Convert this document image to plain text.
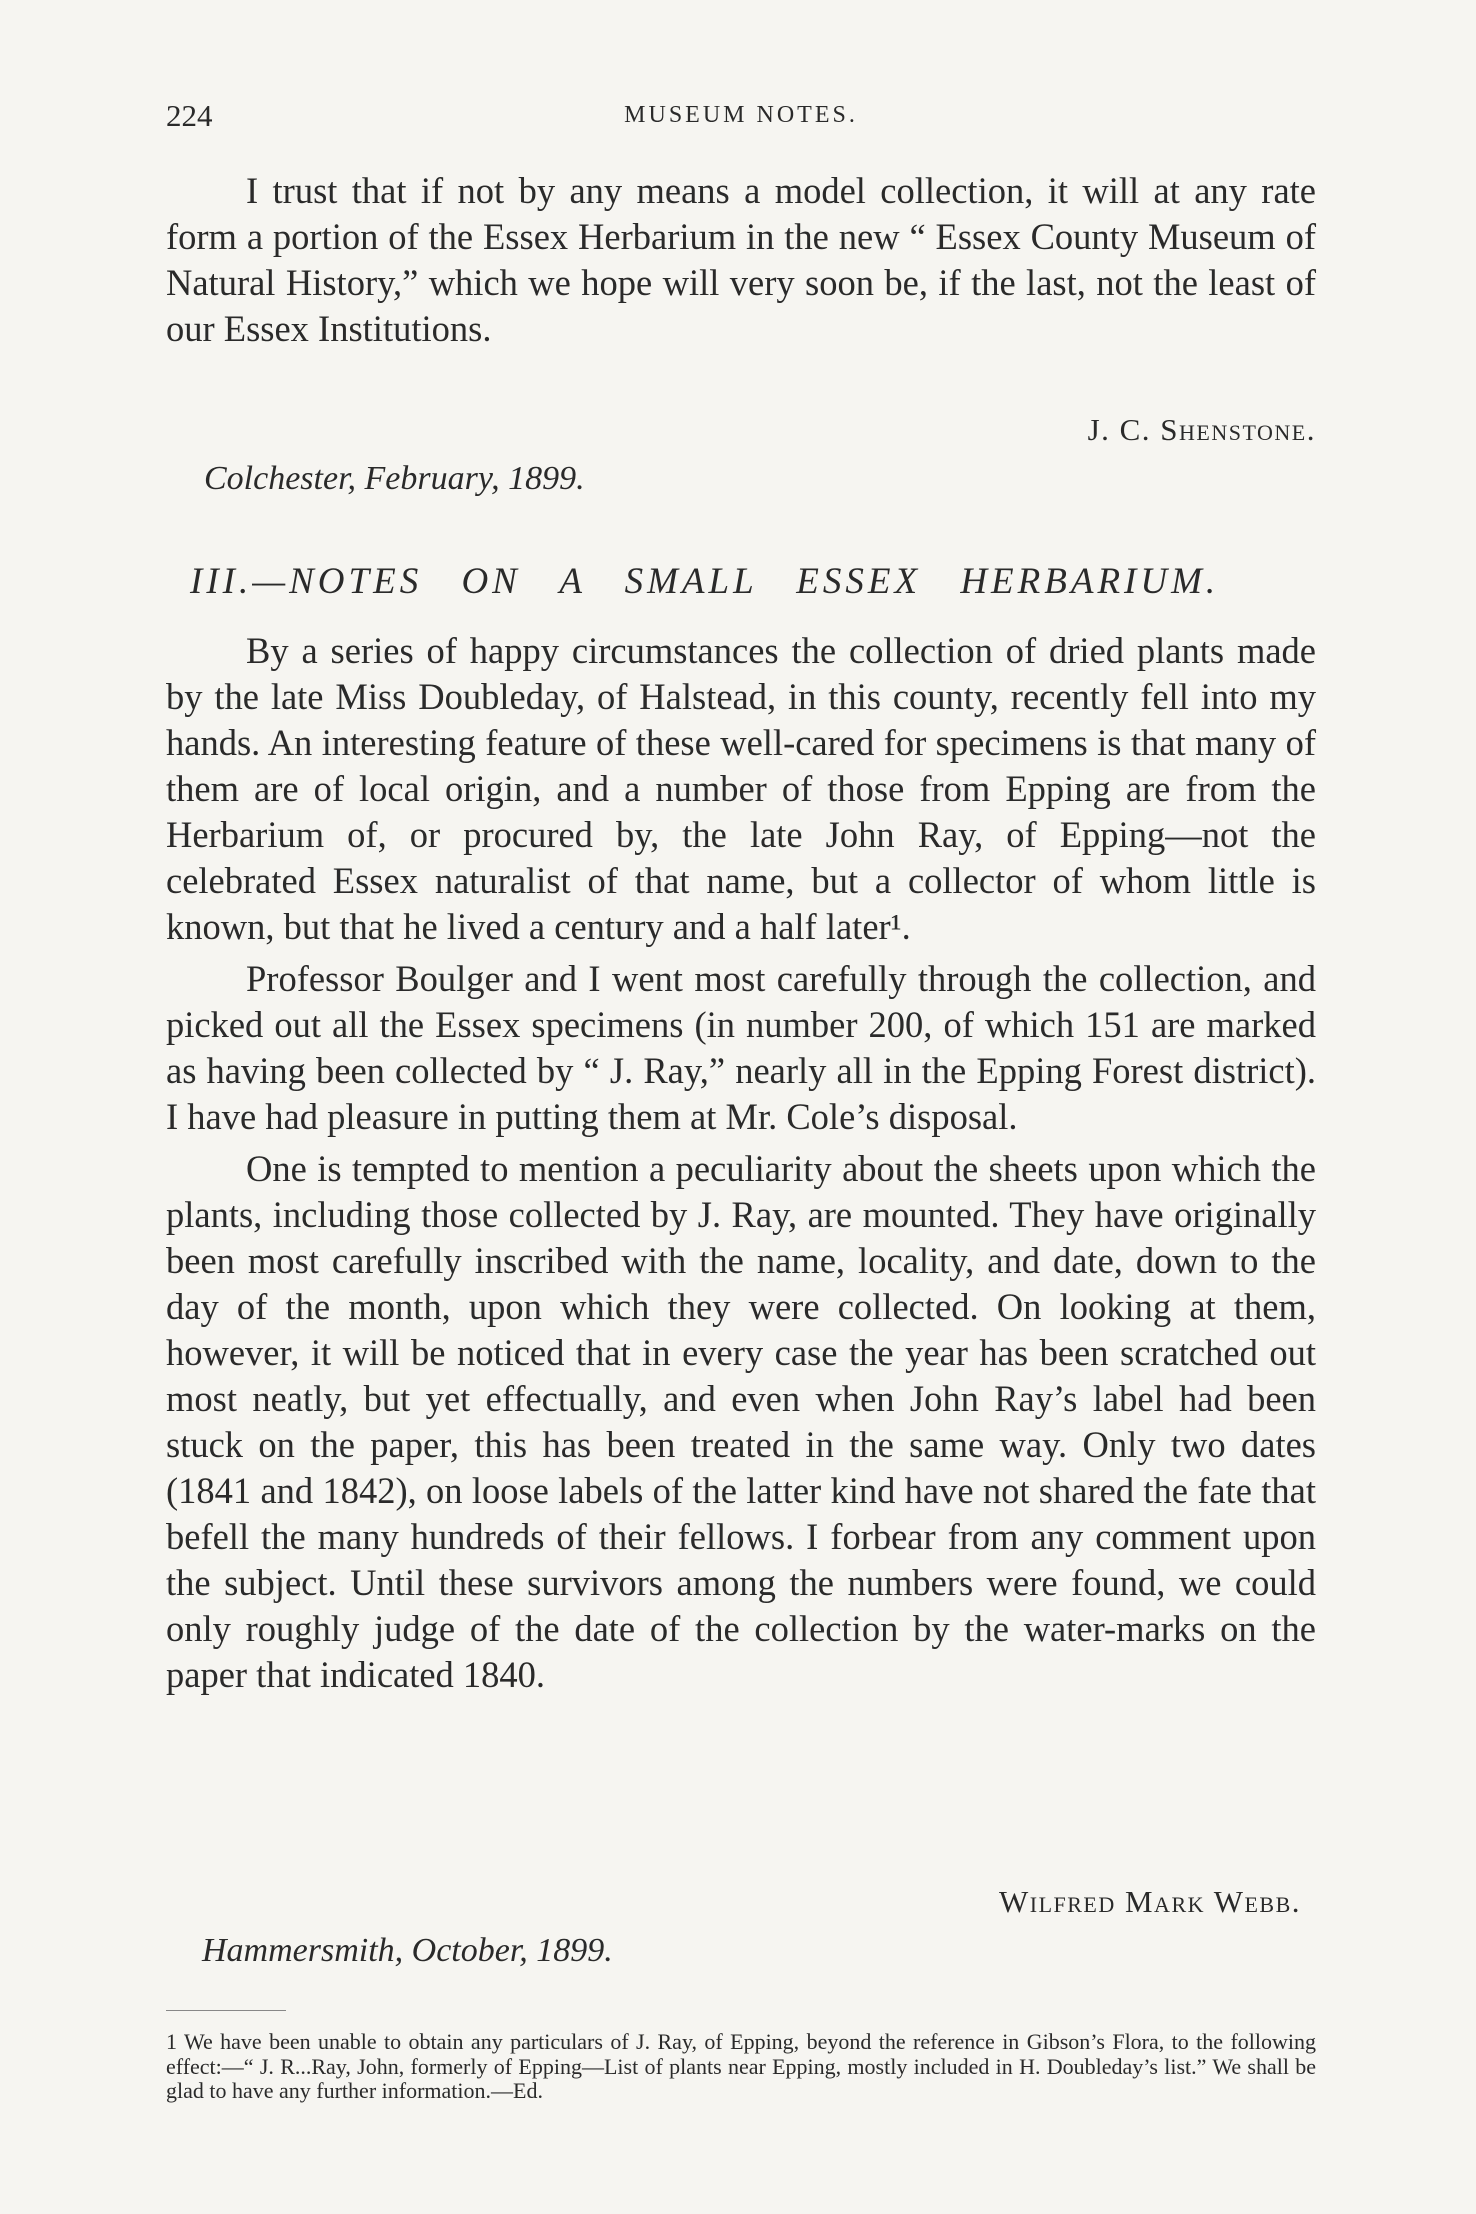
224	MUSEUM NOTES.

I trust that if not by any means a model collection, it will at any rate form a portion of the Essex Herbarium in the new “ Essex County Museum of Natural History,” which we hope will very soon be, if the last, not the least of our Essex Institutions.

J. C. Shenstone.
Colchester, February, 1899.
III.—NOTES ON A SMALL ESSEX HERBARIUM.

By a series of happy circumstances the collection of dried plants made by the late Miss Doubleday, of Halstead, in this county, recently fell into my hands. An interesting feature of these well-cared for specimens is that many of them are of local origin, and a number of those from Epping are from the Herbarium of, or procured by, the late John Ray, of Epping—not the celebrated Essex naturalist of that name, but a collector of whom little is known, but that he lived a century and a half later¹.

Professor Boulger and I went most carefully through the collection, and picked out all the Essex specimens (in number 200, of which 151 are marked as having been collected by “ J. Ray,” nearly all in the Epping Forest district). I have had pleasure in putting them at Mr. Cole’s disposal.

One is tempted to mention a peculiarity about the sheets upon which the plants, including those collected by J. Ray, are mounted. They have originally been most carefully inscribed with the name, locality, and date, down to the day of the month, upon which they were collected. On looking at them, however, it will be noticed that in every case the year has been scratched out most neatly, but yet effectually, and even when John Ray’s label had been stuck on the paper, this has been treated in the same way. Only two dates (1841 and 1842), on loose labels of the latter kind have not shared the fate that befell the many hundreds of their fellows. I forbear from any comment upon the subject. Until these survivors among the numbers were found, we could only roughly judge of the date of the collection by the water-marks on the paper that indicated 1840.

Wilfred Mark Webb.
Hammersmith, October, 1899.
1 We have been unable to obtain any particulars of J. Ray, of Epping, beyond the reference in Gibson’s Flora, to the following effect:—“ J. R...Ray, John, formerly of Epping—List of plants near Epping, mostly included in H. Doubleday’s list.” We shall be glad to have any further information.—Ed.
